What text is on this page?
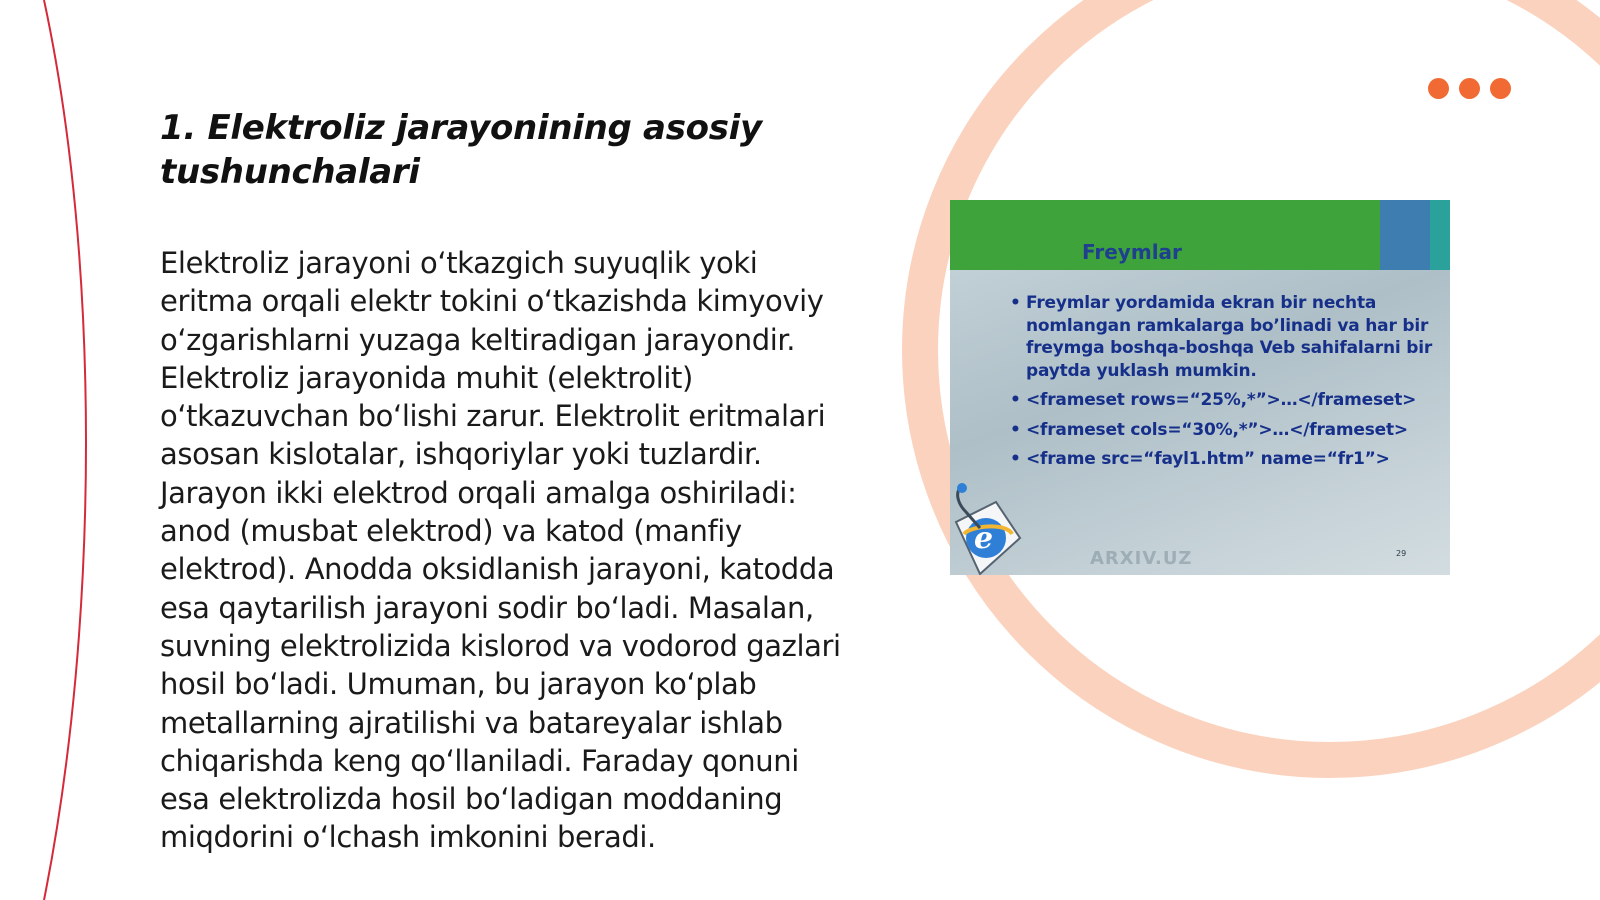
1. Elektroliz jarayonining asosiy tushunchalari

Elektroliz jarayoni o‘tkazgich suyuqlik yoki eritma orqali elektr tokini o‘tkazishda kimyoviy o‘zgarishlarni yuzaga keltiradigan jarayondir. Elektroliz jarayonida muhit (elektrolit) o‘tkazuvchan bo‘lishi zarur. Elektrolit eritmalari asosan kislotalar, ishqoriylar yoki tuzlardir. Jarayon ikki elektrod orqali amalga oshiriladi: anod (musbat elektrod) va katod (manfiy elektrod). Anodda oksidlanish jarayoni, katodda esa qaytarilish jarayoni sodir bo‘ladi. Masalan, suvning elektrolizida kislorod va vodorod gazlari hosil bo‘ladi. Umuman, bu jarayon ko‘plab metallarning ajratilishi va batareyalar ishlab chiqarishda keng qo‘llaniladi. Faraday qonuni esa elektrolizda hosil bo‘ladigan moddaning miqdorini o‘lchash imkonini beradi.

Freymlar
• Freymlar yordamida ekran bir nechta nomlangan ramkalarga bo’linadi va har bir freymga boshqa-boshqa Veb sahifalarni bir paytda yuklash mumkin.
• <frameset rows=“25%,*”>…</frameset>
• <frameset cols=“30%,*”>…</frameset>
• <frame src=“fayl1.htm” name=“fr1”>
ARXIV.UZ	29
e
